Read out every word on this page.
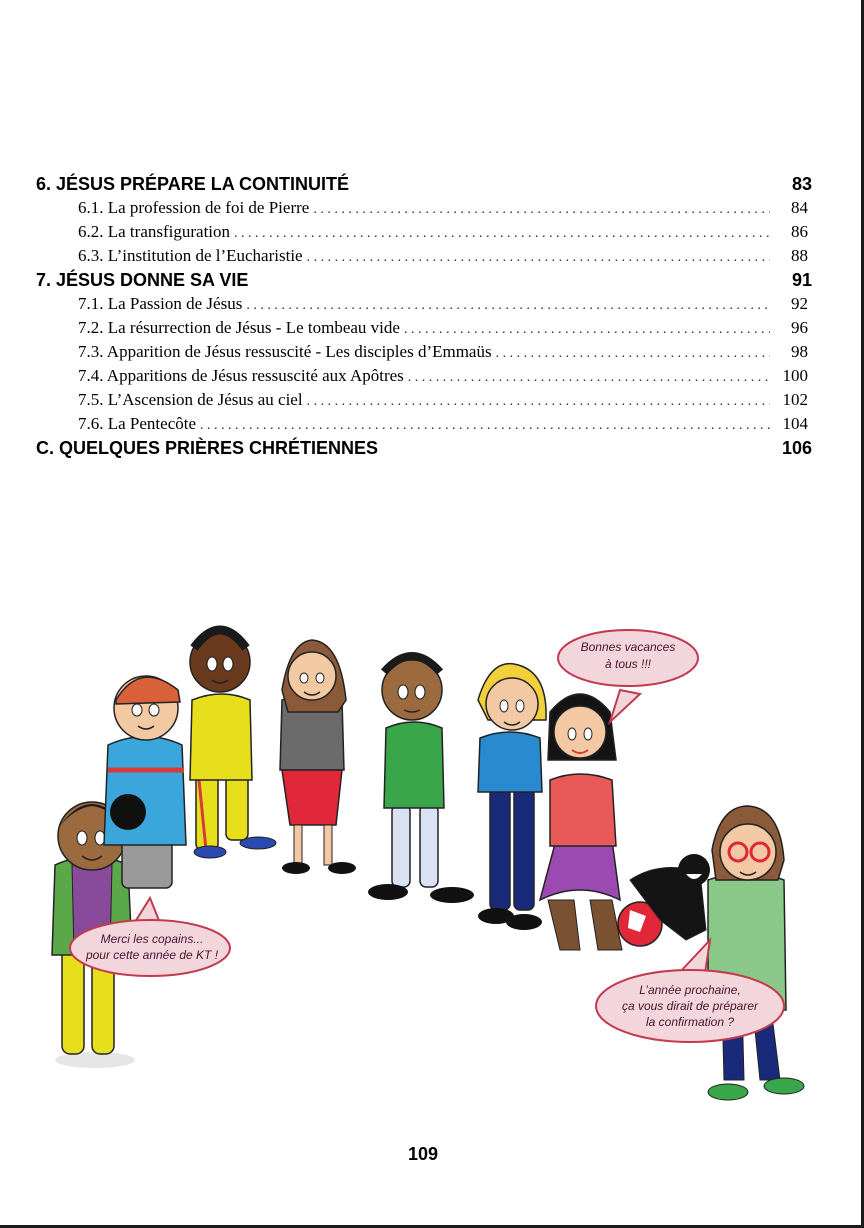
6. JÉSUS PRÉPARE LA CONTINUITÉ	83
6.1. La profession de foi de Pierre . . .	84
6.2. La transfiguration . . .	86
6.3. L’institution de l’Eucharistie . . .	88
7. JÉSUS DONNE SA VIE	91
7.1. La Passion de Jésus . . .	92
7.2. La résurrection de Jésus - Le tombeau vide . . .	96
7.3. Apparition de Jésus ressuscité - Les disciples d’Emmaüs . . .	98
7.4. Apparitions de Jésus ressuscité aux Apôtres . . .	100
7.5. L’Ascension de Jésus au ciel . . .	102
7.6. La Pentecôte . . .	104
C. QUELQUES PRIÈRES CHRÉTIENNES	106
Bonnes vacances
à tous !!!
Merci les copains...
pour cette année de KT !
L’année prochaine,
ça vous dirait de préparer
la confirmation ?
109
